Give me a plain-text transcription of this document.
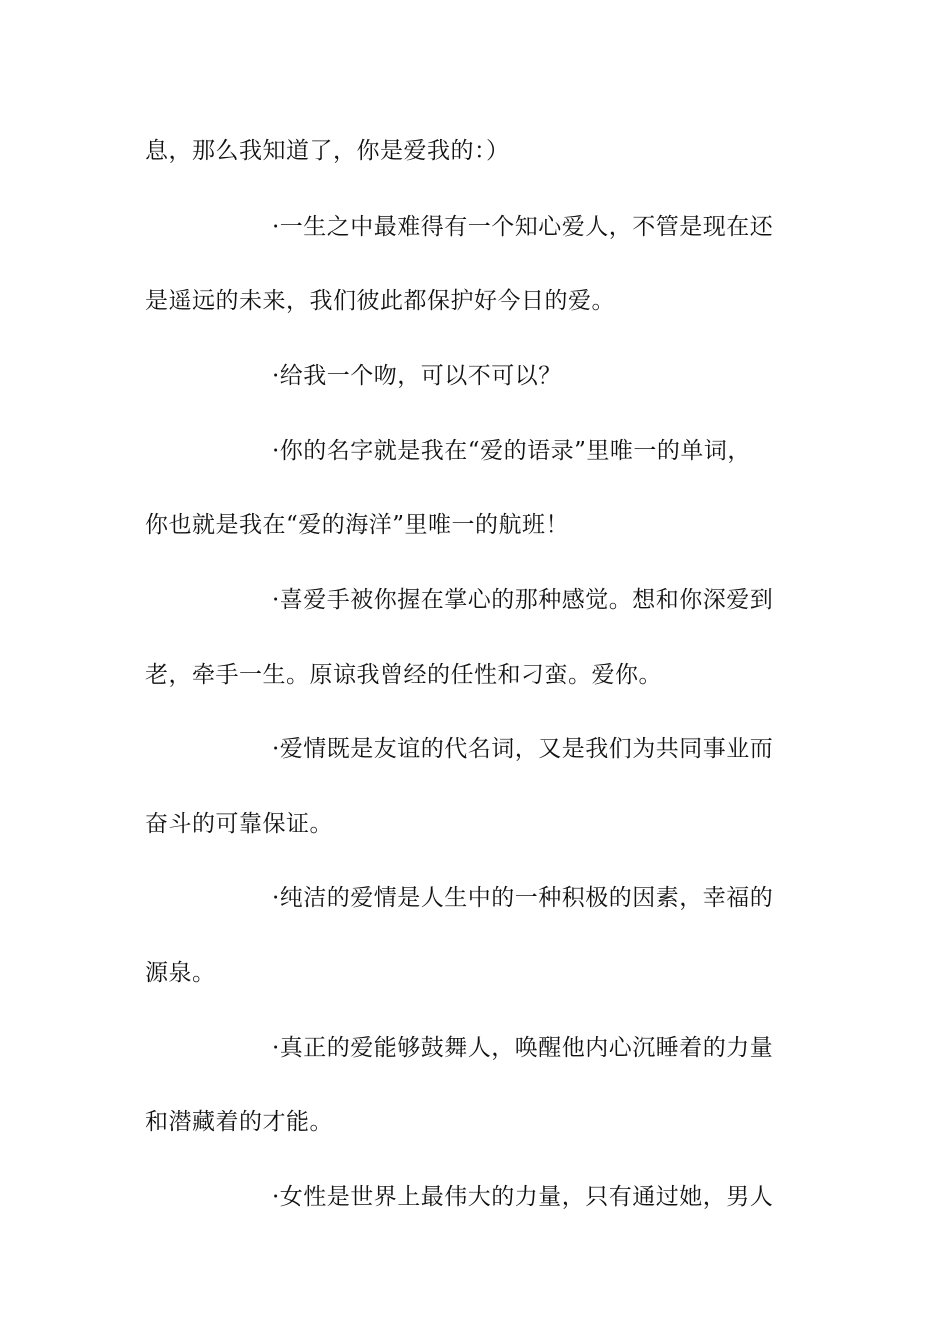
息，那么我知道了，你是爱我的：）
·一生之中最难得有一个知心爱人，不管是现在还
是遥远的未来，我们彼此都保护好今日的爱。
·给我一个吻，可以不可以？
·你的名字就是我在“爱的语录”里唯一的单词，
你也就是我在“爱的海洋”里唯一的航班！
·喜爱手被你握在掌心的那种感觉。想和你深爱到
老，牵手一生。原谅我曾经的任性和刁蛮。爱你。
·爱情既是友谊的代名词，又是我们为共同事业而
奋斗的可靠保证。
·纯洁的爱情是人生中的一种积极的因素，幸福的
源泉。
·真正的爱能够鼓舞人，唤醒他内心沉睡着的力量
和潜藏着的才能。
·女性是世界上最伟大的力量，只有通过她，男人
